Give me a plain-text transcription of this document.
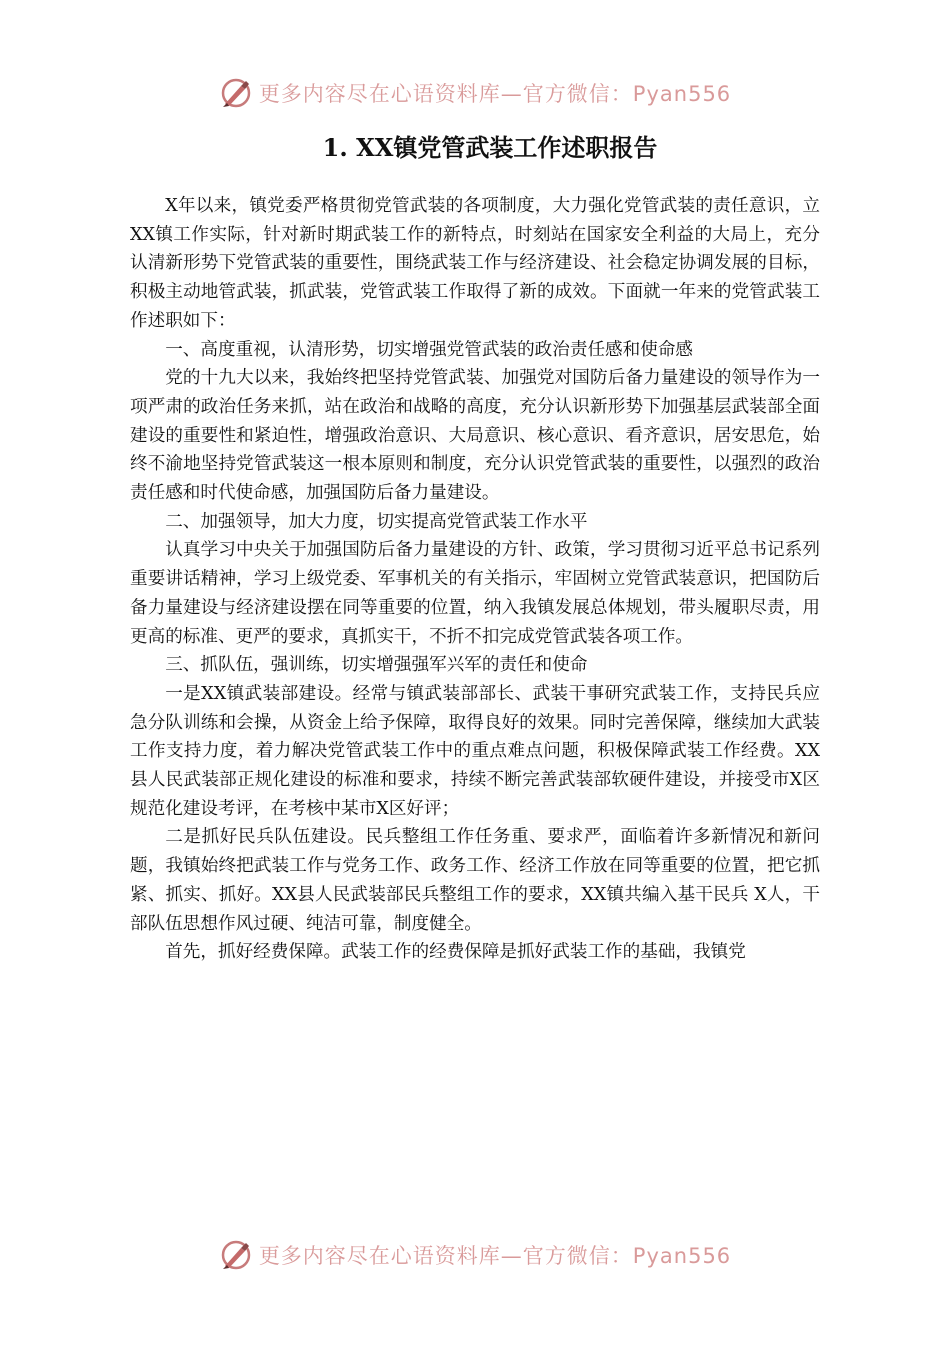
更多内容尽在心语资料库—官方微信：Pyan556
1. XX镇党管武装工作述职报告

X年以来，镇党委严格贯彻党管武装的各项制度，大力强化党管武装的责任意识，立XX镇工作实际，针对新时期武装工作的新特点，时刻站在国家安全利益的大局上，充分认清新形势下党管武装的重要性，围绕武装工作与经济建设、社会稳定协调发展的目标，积极主动地管武装，抓武装，党管武装工作取得了新的成效。下面就一年来的党管武装工作述职如下：

一、高度重视，认清形势，切实增强党管武装的政治责任感和使命感

党的十九大以来，我始终把坚持党管武装、加强党对国防后备力量建设的领导作为一项严肃的政治任务来抓，站在政治和战略的高度，充分认识新形势下加强基层武装部全面建设的重要性和紧迫性，增强政治意识、大局意识、核心意识、看齐意识，居安思危，始终不渝地坚持党管武装这一根本原则和制度，充分认识党管武装的重要性，以强烈的政治责任感和时代使命感，加强国防后备力量建设。

二、加强领导，加大力度，切实提高党管武装工作水平

认真学习中央关于加强国防后备力量建设的方针、政策，学习贯彻习近平总书记系列重要讲话精神，学习上级党委、军事机关的有关指示，牢固树立党管武装意识，把国防后备力量建设与经济建设摆在同等重要的位置，纳入我镇发展总体规划，带头履职尽责，用更高的标准、更严的要求，真抓实干，不折不扣完成党管武装各项工作。

三、抓队伍，强训练，切实增强强军兴军的责任和使命

一是XX镇武装部建设。经常与镇武装部部长、武装干事研究武装工作，支持民兵应急分队训练和会操，从资金上给予保障，取得良好的效果。同时完善保障，继续加大武装工作支持力度，着力解决党管武装工作中的重点难点问题，积极保障武装工作经费。XX县人民武装部正规化建设的标准和要求，持续不断完善武装部软硬件建设，并接受市X区规范化建设考评，在考核中某市X区好评；

二是抓好民兵队伍建设。民兵整组工作任务重、要求严，面临着许多新情况和新问题，我镇始终把武装工作与党务工作、政务工作、经济工作放在同等重要的位置，把它抓紧、抓实、抓好。XX县人民武装部民兵整组工作的要求，XX镇共编入基干民兵 X人，干部队伍思想作风过硬、纯洁可靠，制度健全。

首先，抓好经费保障。武装工作的经费保障是抓好武装工作的基础，我镇党

更多内容尽在心语资料库—官方微信：Pyan556
